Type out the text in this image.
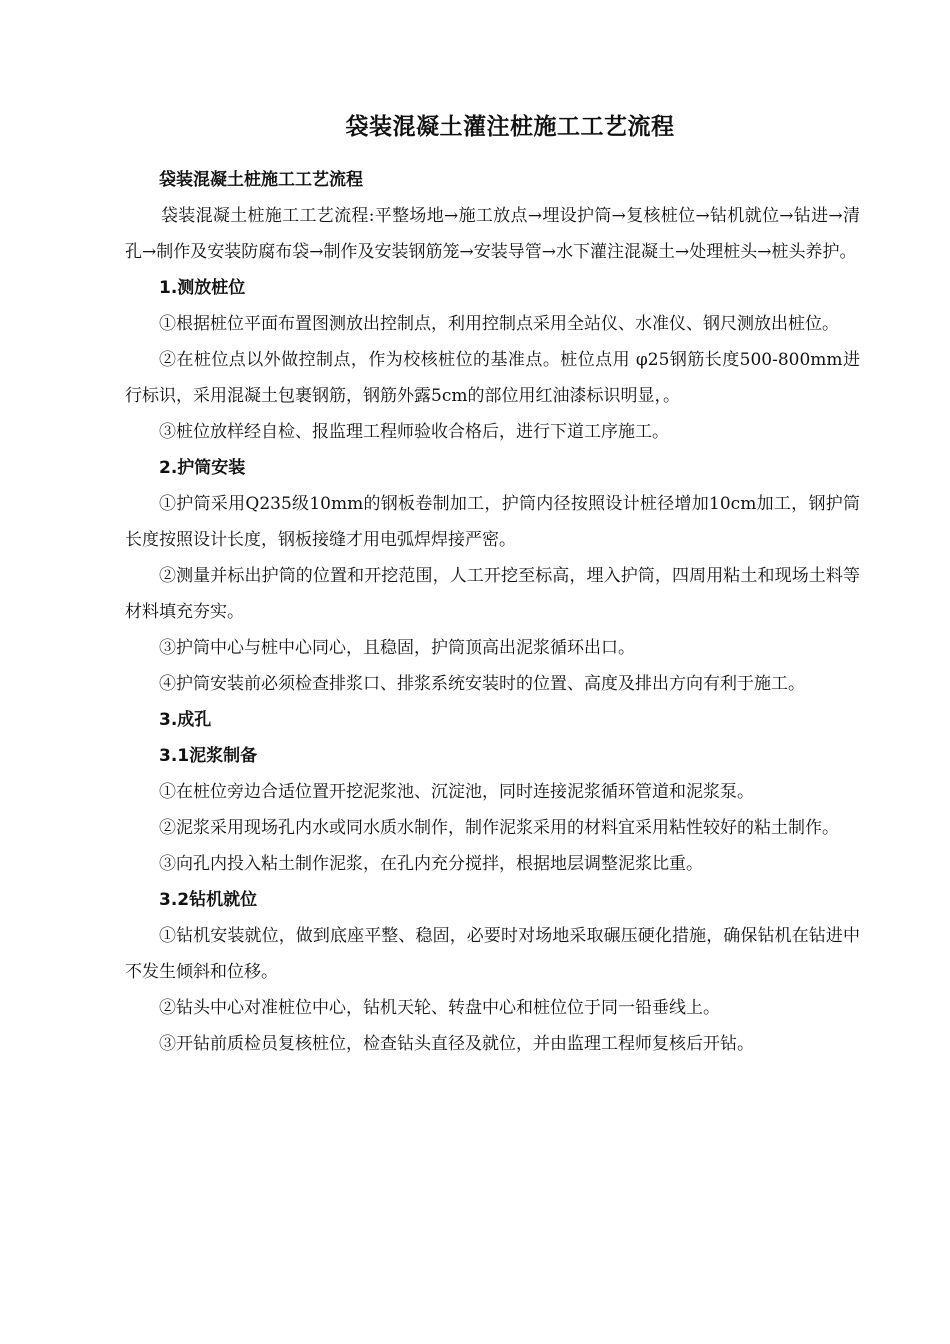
袋装混凝土灌注桩施工工艺流程
袋装混凝土桩施工工艺流程
袋装混凝土桩施工工艺流程:平整场地→施工放点→埋设护筒→复核桩位→钻机就位→钻进→清孔→制作及安装防腐布袋→制作及安装钢筋笼→安装导管→水下灌注混凝土→处理桩头→桩头养护。
1.测放桩位
①根据桩位平面布置图测放出控制点，利用控制点采用全站仪、水准仪、钢尺测放出桩位。
②在桩位点以外做控制点，作为校核桩位的基准点。桩位点用 φ25钢筋长度500-800mm进行标识，采用混凝土包裹钢筋，钢筋外露5cm的部位用红油漆标识明显，。
③桩位放样经自检、报监理工程师验收合格后，进行下道工序施工。
2.护筒安装
①护筒采用Q235级10mm的钢板卷制加工，护筒内径按照设计桩径增加10cm加工，钢护筒长度按照设计长度，钢板接缝才用电弧焊焊接严密。
②测量并标出护筒的位置和开挖范围，人工开挖至标高，埋入护筒，四周用粘土和现场土料等材料填充夯实。
③护筒中心与桩中心同心，且稳固，护筒顶高出泥浆循环出口。
④护筒安装前必须检查排浆口、排浆系统安装时的位置、高度及排出方向有利于施工。
3.成孔
3.1泥浆制备
①在桩位旁边合适位置开挖泥浆池、沉淀池，同时连接泥浆循环管道和泥浆泵。
②泥浆采用现场孔内水或同水质水制作，制作泥浆采用的材料宜采用粘性较好的粘土制作。
③向孔内投入粘土制作泥浆，在孔内充分搅拌，根据地层调整泥浆比重。
3.2钻机就位
①钻机安装就位，做到底座平整、稳固，必要时对场地采取碾压硬化措施，确保钻机在钻进中不发生倾斜和位移。
②钻头中心对准桩位中心，钻机天轮、转盘中心和桩位位于同一铅垂线上。
③开钻前质检员复核桩位，检查钻头直径及就位，并由监理工程师复核后开钻。
